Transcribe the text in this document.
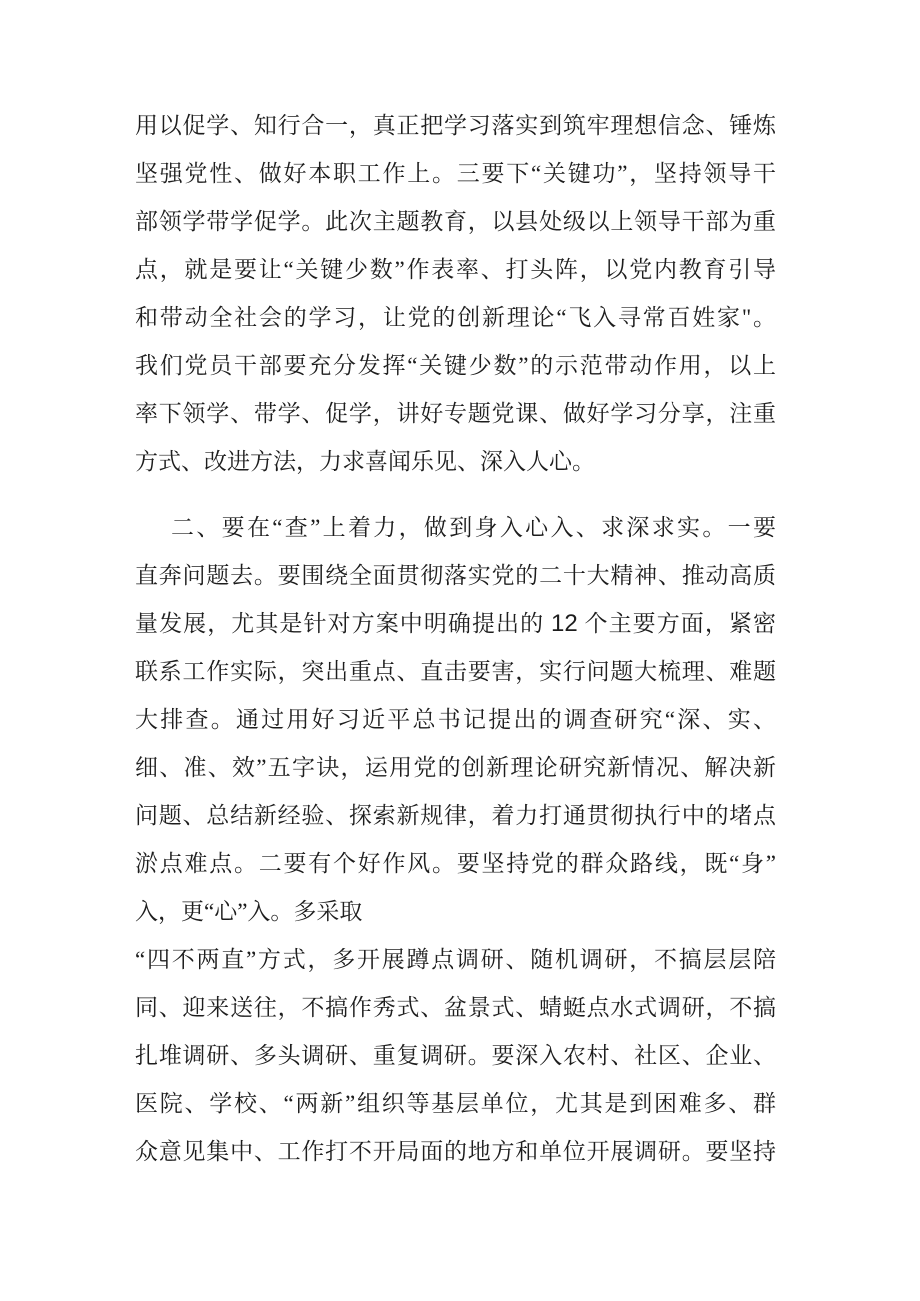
用以促学、知行合一，真正把学习落实到筑牢理想信念、锤炼
坚强党性、做好本职工作上。三要下“关键功”，坚持领导干
部领学带学促学。此次主题教育，以县处级以上领导干部为重
点，就是要让“关键少数”作表率、打头阵，以党内教育引导
和带动全社会的学习，让党的创新理论“飞入寻常百姓家"。
我们党员干部要充分发挥“关键少数”的示范带动作用，以上
率下领学、带学、促学，讲好专题党课、做好学习分享，注重
方式、改进方法，力求喜闻乐见、深入人心。
二、要在“查”上着力，做到身入心入、求深求实。一要
直奔问题去。要围绕全面贯彻落实党的二十大精神、推动高质
量发展，尤其是针对方案中明确提出的 12 个主要方面，紧密
联系工作实际，突出重点、直击要害，实行问题大梳理、难题
大排查。通过用好习近平总书记提出的调查研究“深、实、
细、准、效”五字诀，运用党的创新理论研究新情况、解决新
问题、总结新经验、探索新规律，着力打通贯彻执行中的堵点
淤点难点。二要有个好作风。要坚持党的群众路线，既“身”
入，更“心”入。多采取
“四不两直”方式，多开展蹲点调研、随机调研，不搞层层陪
同、迎来送往，不搞作秀式、盆景式、蜻蜓点水式调研，不搞
扎堆调研、多头调研、重复调研。要深入农村、社区、企业、
医院、学校、“两新”组织等基层单位，尤其是到困难多、群
众意见集中、工作打不开局面的地方和单位开展调研。要坚持
